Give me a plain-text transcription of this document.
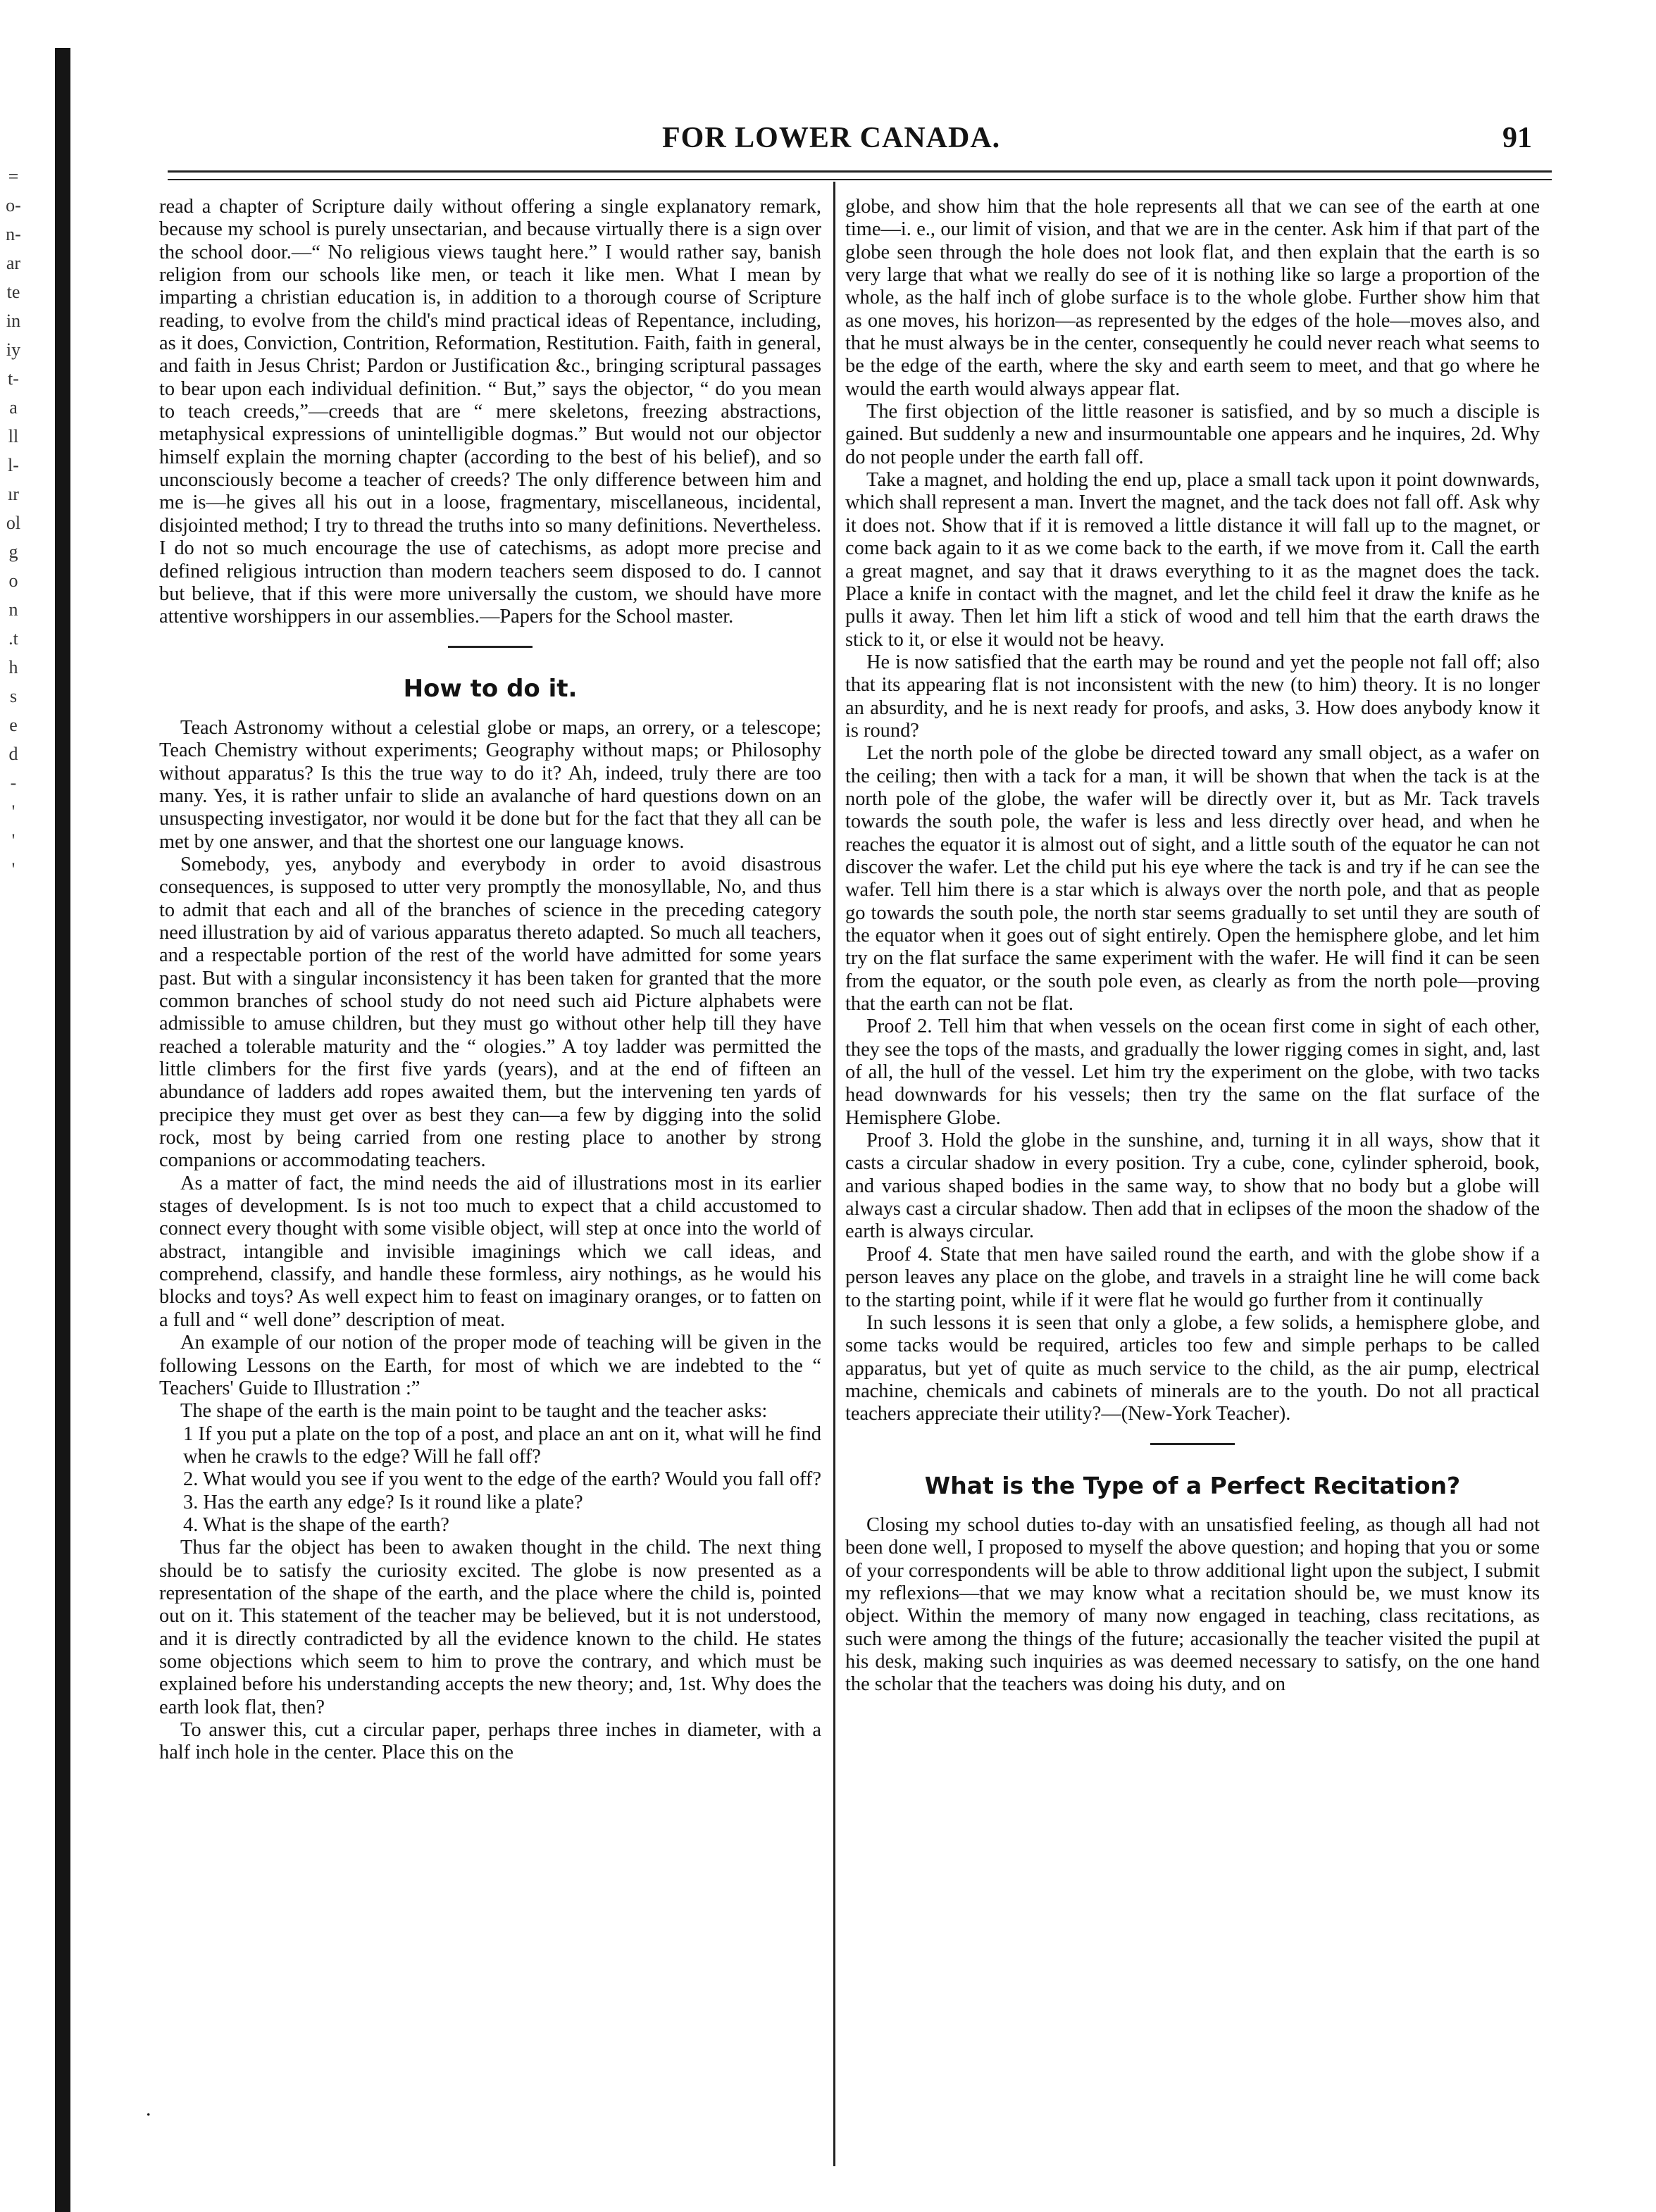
=
o-
n-
ar
te
in
iy
t-
a
ll
l-
ır
ol
g
o
n
.t
h
s
e
d
-
'
'
'
FOR LOWER CANADA.	91

read a chapter of Scripture daily without offering a single explanatory remark, because my school is purely unsectarian, and because virtually there is a sign over the school door.—“ No religious views taught here.” I would rather say, banish religion from our schools like men, or teach it like men. What I mean by imparting a christian education is, in addition to a thorough course of Scripture reading, to evolve from the child's mind practical ideas of Repentance, including, as it does, Conviction, Contrition, Reformation, Restitution. Faith, faith in general, and faith in Jesus Christ; Pardon or Justification &c., bringing scriptural passages to bear upon each individual definition. “ But,” says the objector, “ do you mean to teach creeds,”—creeds that are “ mere skeletons, freezing abstractions, metaphysical expressions of unintelligible dogmas.” But would not our objector himself explain the morning chapter (according to the best of his belief), and so unconsciously become a teacher of creeds? The only difference between him and me is—he gives all his out in a loose, fragmentary, miscellaneous, incidental, disjointed method; I try to thread the truths into so many definitions. Nevertheless. I do not so much encourage the use of catechisms, as adopt more precise and defined religious intruction than modern teachers seem disposed to do. I cannot but believe, that if this were more universally the custom, we should have more attentive worshippers in our assemblies.—Papers for the School master.

How to do it.

Teach Astronomy without a celestial globe or maps, an orrery, or a telescope; Teach Chemistry without experiments; Geography without maps; or Philosophy without apparatus? Is this the true way to do it? Ah, indeed, truly there are too many. Yes, it is rather unfair to slide an avalanche of hard questions down on an unsuspecting investigator, nor would it be done but for the fact that they all can be met by one answer, and that the shortest one our language knows.

Somebody, yes, anybody and everybody in order to avoid disastrous consequences, is supposed to utter very promptly the monosyllable, No, and thus to admit that each and all of the branches of science in the preceding category need illustration by aid of various apparatus thereto adapted. So much all teachers, and a respectable portion of the rest of the world have admitted for some years past. But with a singular inconsistency it has been taken for granted that the more common branches of school study do not need such aid Picture alphabets were admissible to amuse children, but they must go without other help till they have reached a tolerable maturity and the “ ologies.” A toy ladder was permitted the little climbers for the first five yards (years), and at the end of fifteen an abundance of ladders add ropes awaited them, but the intervening ten yards of precipice they must get over as best they can—a few by digging into the solid rock, most by being carried from one resting place to another by strong companions or accommodating teachers.

As a matter of fact, the mind needs the aid of illustrations most in its earlier stages of development. Is is not too much to expect that a child accustomed to connect every thought with some visible object, will step at once into the world of abstract, intangible and invisible imaginings which we call ideas, and comprehend, classify, and handle these formless, airy nothings, as he would his blocks and toys? As well expect him to feast on imaginary oranges, or to fatten on a full and “ well done” description of meat.

An example of our notion of the proper mode of teaching will be given in the following Lessons on the Earth, for most of which we are indebted to the “ Teachers' Guide to Illustration :”

The shape of the earth is the main point to be taught and the teacher asks:

1 If you put a plate on the top of a post, and place an ant on it, what will he find when he crawls to the edge? Will he fall off?

2. What would you see if you went to the edge of the earth? Would you fall off?

3. Has the earth any edge? Is it round like a plate?

4. What is the shape of the earth?

Thus far the object has been to awaken thought in the child. The next thing should be to satisfy the curiosity excited. The globe is now presented as a representation of the shape of the earth, and the place where the child is, pointed out on it. This statement of the teacher may be believed, but it is not understood, and it is directly contradicted by all the evidence known to the child. He states some objections which seem to him to prove the contrary, and which must be explained before his understanding accepts the new theory; and, 1st. Why does the earth look flat, then?

To answer this, cut a circular paper, perhaps three inches in diameter, with a half inch hole in the center. Place this on the

globe, and show him that the hole represents all that we can see of the earth at one time—i. e., our limit of vision, and that we are in the center. Ask him if that part of the globe seen through the hole does not look flat, and then explain that the earth is so very large that what we really do see of it is nothing like so large a proportion of the whole, as the half inch of globe surface is to the whole globe. Further show him that as one moves, his horizon—as represented by the edges of the hole—moves also, and that he must always be in the center, consequently he could never reach what seems to be the edge of the earth, where the sky and earth seem to meet, and that go where he would the earth would always appear flat.

The first objection of the little reasoner is satisfied, and by so much a disciple is gained. But suddenly a new and insurmountable one appears and he inquires, 2d. Why do not people under the earth fall off.

Take a magnet, and holding the end up, place a small tack upon it point downwards, which shall represent a man. Invert the magnet, and the tack does not fall off. Ask why it does not. Show that if it is removed a little distance it will fall up to the magnet, or come back again to it as we come back to the earth, if we move from it. Call the earth a great magnet, and say that it draws everything to it as the magnet does the tack. Place a knife in contact with the magnet, and let the child feel it draw the knife as he pulls it away. Then let him lift a stick of wood and tell him that the earth draws the stick to it, or else it would not be heavy.

He is now satisfied that the earth may be round and yet the people not fall off; also that its appearing flat is not inconsistent with the new (to him) theory. It is no longer an absurdity, and he is next ready for proofs, and asks, 3. How does anybody know it is round?

Let the north pole of the globe be directed toward any small object, as a wafer on the ceiling; then with a tack for a man, it will be shown that when the tack is at the north pole of the globe, the wafer will be directly over it, but as Mr. Tack travels towards the south pole, the wafer is less and less directly over head, and when he reaches the equator it is almost out of sight, and a little south of the equator he can not discover the wafer. Let the child put his eye where the tack is and try if he can see the wafer. Tell him there is a star which is always over the north pole, and that as people go towards the south pole, the north star seems gradually to set until they are south of the equator when it goes out of sight entirely. Open the hemisphere globe, and let him try on the flat surface the same experiment with the wafer. He will find it can be seen from the equator, or the south pole even, as clearly as from the north pole—proving that the earth can not be flat.

Proof 2. Tell him that when vessels on the ocean first come in sight of each other, they see the tops of the masts, and gradually the lower rigging comes in sight, and, last of all, the hull of the vessel. Let him try the experiment on the globe, with two tacks head downwards for his vessels; then try the same on the flat surface of the Hemisphere Globe.

Proof 3. Hold the globe in the sunshine, and, turning it in all ways, show that it casts a circular shadow in every position. Try a cube, cone, cylinder spheroid, book, and various shaped bodies in the same way, to show that no body but a globe will always cast a circular shadow. Then add that in eclipses of the moon the shadow of the earth is always circular.

Proof 4. State that men have sailed round the earth, and with the globe show if a person leaves any place on the globe, and travels in a straight line he will come back to the starting point, while if it were flat he would go further from it continually

In such lessons it is seen that only a globe, a few solids, a hemisphere globe, and some tacks would be required, articles too few and simple perhaps to be called apparatus, but yet of quite as much service to the child, as the air pump, electrical machine, chemicals and cabinets of minerals are to the youth. Do not all practical teachers appreciate their utility?—(New-York Teacher).

What is the Type of a Perfect Recitation?

Closing my school duties to-day with an unsatisfied feeling, as though all had not been done well, I proposed to myself the above question; and hoping that you or some of your correspondents will be able to throw additional light upon the subject, I submit my reflexions—that we may know what a recitation should be, we must know its object. Within the memory of many now engaged in teaching, class recitations, as such were among the things of the future; accasionally the teacher visited the pupil at his desk, making such inquiries as was deemed necessary to satisfy, on the one hand the scholar that the teachers was doing his duty, and on

.
